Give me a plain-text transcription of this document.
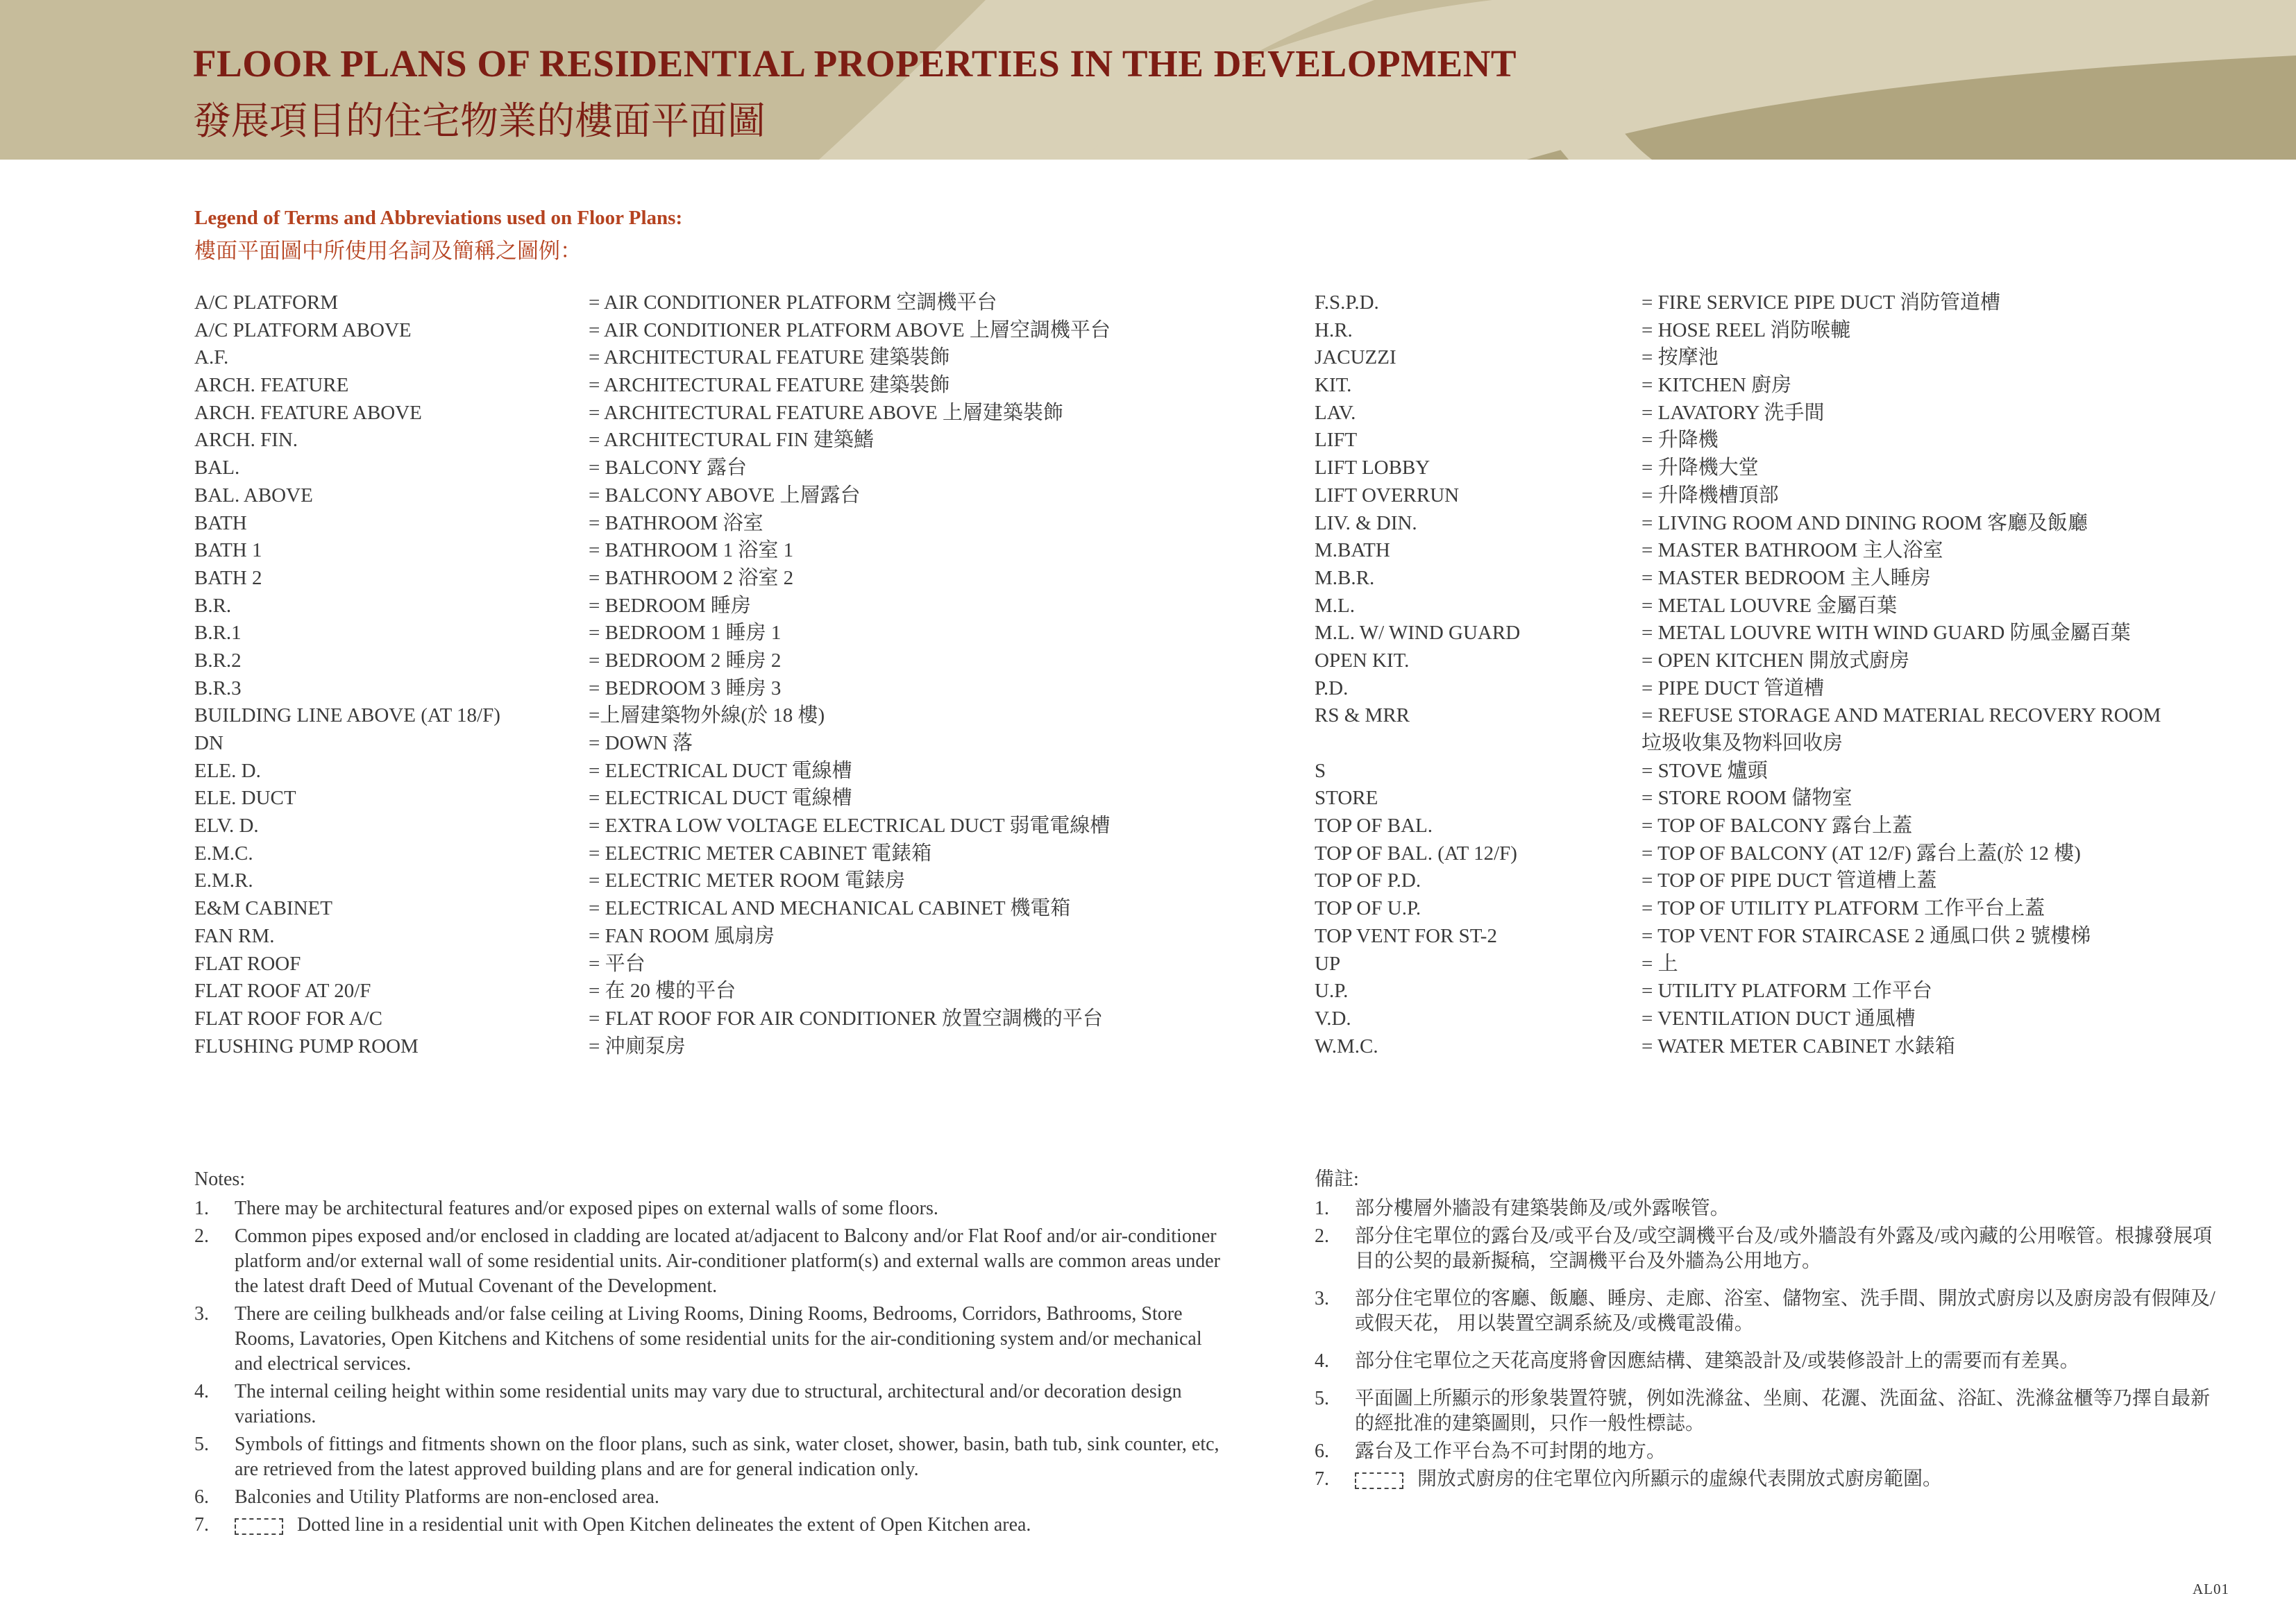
FLOOR PLANS OF RESIDENTIAL PROPERTIES IN THE DEVELOPMENT
發展項目的住宅物業的樓面平面圖
Legend of Terms and Abbreviations used on Floor Plans:
樓面平面圖中所使用名詞及簡稱之圖例：
A/C PLATFORM	= AIR CONDITIONER PLATFORM 空調機平台
A/C PLATFORM ABOVE	= AIR CONDITIONER PLATFORM ABOVE 上層空調機平台
A.F.	= ARCHITECTURAL FEATURE 建築裝飾
ARCH. FEATURE	= ARCHITECTURAL FEATURE 建築裝飾
ARCH. FEATURE ABOVE	= ARCHITECTURAL FEATURE ABOVE 上層建築裝飾
ARCH. FIN.	= ARCHITECTURAL FIN 建築鰭
BAL.	= BALCONY 露台
BAL. ABOVE	= BALCONY ABOVE 上層露台
BATH	= BATHROOM 浴室
BATH 1	= BATHROOM 1 浴室 1
BATH 2	= BATHROOM 2 浴室 2
B.R.	= BEDROOM 睡房
B.R.1	= BEDROOM 1 睡房 1
B.R.2	= BEDROOM 2 睡房 2
B.R.3	= BEDROOM 3 睡房 3
BUILDING LINE ABOVE (AT 18/F)	=上層建築物外線(於 18 樓)
DN	= DOWN 落
ELE. D.	= ELECTRICAL DUCT 電線槽
ELE. DUCT	= ELECTRICAL DUCT 電線槽
ELV. D.	= EXTRA LOW VOLTAGE ELECTRICAL DUCT 弱電電線槽
E.M.C.	= ELECTRIC METER CABINET 電錶箱
E.M.R.	= ELECTRIC METER ROOM 電錶房
E&M CABINET	= ELECTRICAL AND MECHANICAL CABINET 機電箱
FAN RM.	= FAN ROOM 風扇房
FLAT ROOF	= 平台
FLAT ROOF AT 20/F	= 在 20 樓的平台
FLAT ROOF FOR A/C	= FLAT ROOF FOR AIR CONDITIONER 放置空調機的平台
FLUSHING PUMP ROOM	= 沖廁泵房
F.S.P.D.	= FIRE SERVICE PIPE DUCT 消防管道槽
H.R.	= HOSE REEL 消防喉轆
JACUZZI	= 按摩池
KIT.	= KITCHEN 廚房
LAV.	= LAVATORY 洗手間
LIFT	= 升降機
LIFT LOBBY	= 升降機大堂
LIFT OVERRUN	= 升降機槽頂部
LIV. & DIN.	= LIVING ROOM AND DINING ROOM 客廳及飯廳
M.BATH	= MASTER BATHROOM 主人浴室
M.B.R.	= MASTER BEDROOM 主人睡房
M.L.	= METAL LOUVRE 金屬百葉
M.L. W/ WIND GUARD	= METAL LOUVRE WITH WIND GUARD 防風金屬百葉
OPEN KIT.	= OPEN KITCHEN 開放式廚房
P.D.	= PIPE DUCT 管道槽
RS & MRR	= REFUSE STORAGE AND MATERIAL RECOVERY ROOM
垃圾收集及物料回收房
S	= STOVE 爐頭
STORE	= STORE ROOM 儲物室
TOP OF BAL.	= TOP OF BALCONY 露台上蓋
TOP OF BAL. (AT 12/F)	= TOP OF BALCONY (AT 12/F) 露台上蓋(於 12 樓)
TOP OF P.D.	= TOP OF PIPE DUCT 管道槽上蓋
TOP OF U.P.	= TOP OF UTILITY PLATFORM 工作平台上蓋
TOP VENT FOR ST-2	= TOP VENT FOR STAIRCASE 2 通風口供 2 號樓梯
UP	= 上
U.P.	= UTILITY PLATFORM 工作平台
V.D.	= VENTILATION DUCT 通風槽
W.M.C.	= WATER METER CABINET 水錶箱
Notes:
1. There may be architectural features and/or exposed pipes on external walls of some floors.
2. Common pipes exposed and/or enclosed in cladding are located at/adjacent to Balcony and/or Flat Roof and/or air-conditioner platform and/or external wall of some residential units. Air-conditioner platform(s) and external walls are common areas under the latest draft Deed of Mutual Covenant of the Development.
3. There are ceiling bulkheads and/or false ceiling at Living Rooms, Dining Rooms, Bedrooms, Corridors, Bathrooms, Store Rooms, Lavatories, Open Kitchens and Kitchens of some residential units for the air-conditioning system and/or mechanical and electrical services.
4. The internal ceiling height within some residential units may vary due to structural, architectural and/or decoration design variations.
5. Symbols of fittings and fitments shown on the floor plans, such as sink, water closet, shower, basin, bath tub, sink counter, etc, are retrieved from the latest approved building plans and are for general indication only.
6. Balconies and Utility Platforms are non-enclosed area.
7.	Dotted line in a residential unit with Open Kitchen delineates the extent of Open Kitchen area.
備註:
1. 部分樓層外牆設有建築裝飾及/或外露喉管。
2. 部分住宅單位的露台及/或平台及/或空調機平台及/或外牆設有外露及/或內藏的公用喉管。根據發展項目的公契的最新擬稿，空調機平台及外牆為公用地方。
3. 部分住宅單位的客廳、飯廳、睡房、走廊、浴室、儲物室、洗手間、開放式廚房以及廚房設有假陣及/或假天花， 用以裝置空調系統及/或機電設備。
4. 部分住宅單位之天花高度將會因應結構、建築設計及/或裝修設計上的需要而有差異。
5. 平面圖上所顯示的形象裝置符號，例如洗滌盆、坐廁、花灑、洗面盆、浴缸、洗滌盆櫃等乃擇自最新的經批准的建築圖則，只作一般性標誌。
6. 露台及工作平台為不可封閉的地方。
7.	開放式廚房的住宅單位內所顯示的虛線代表開放式廚房範圍。
AL01
